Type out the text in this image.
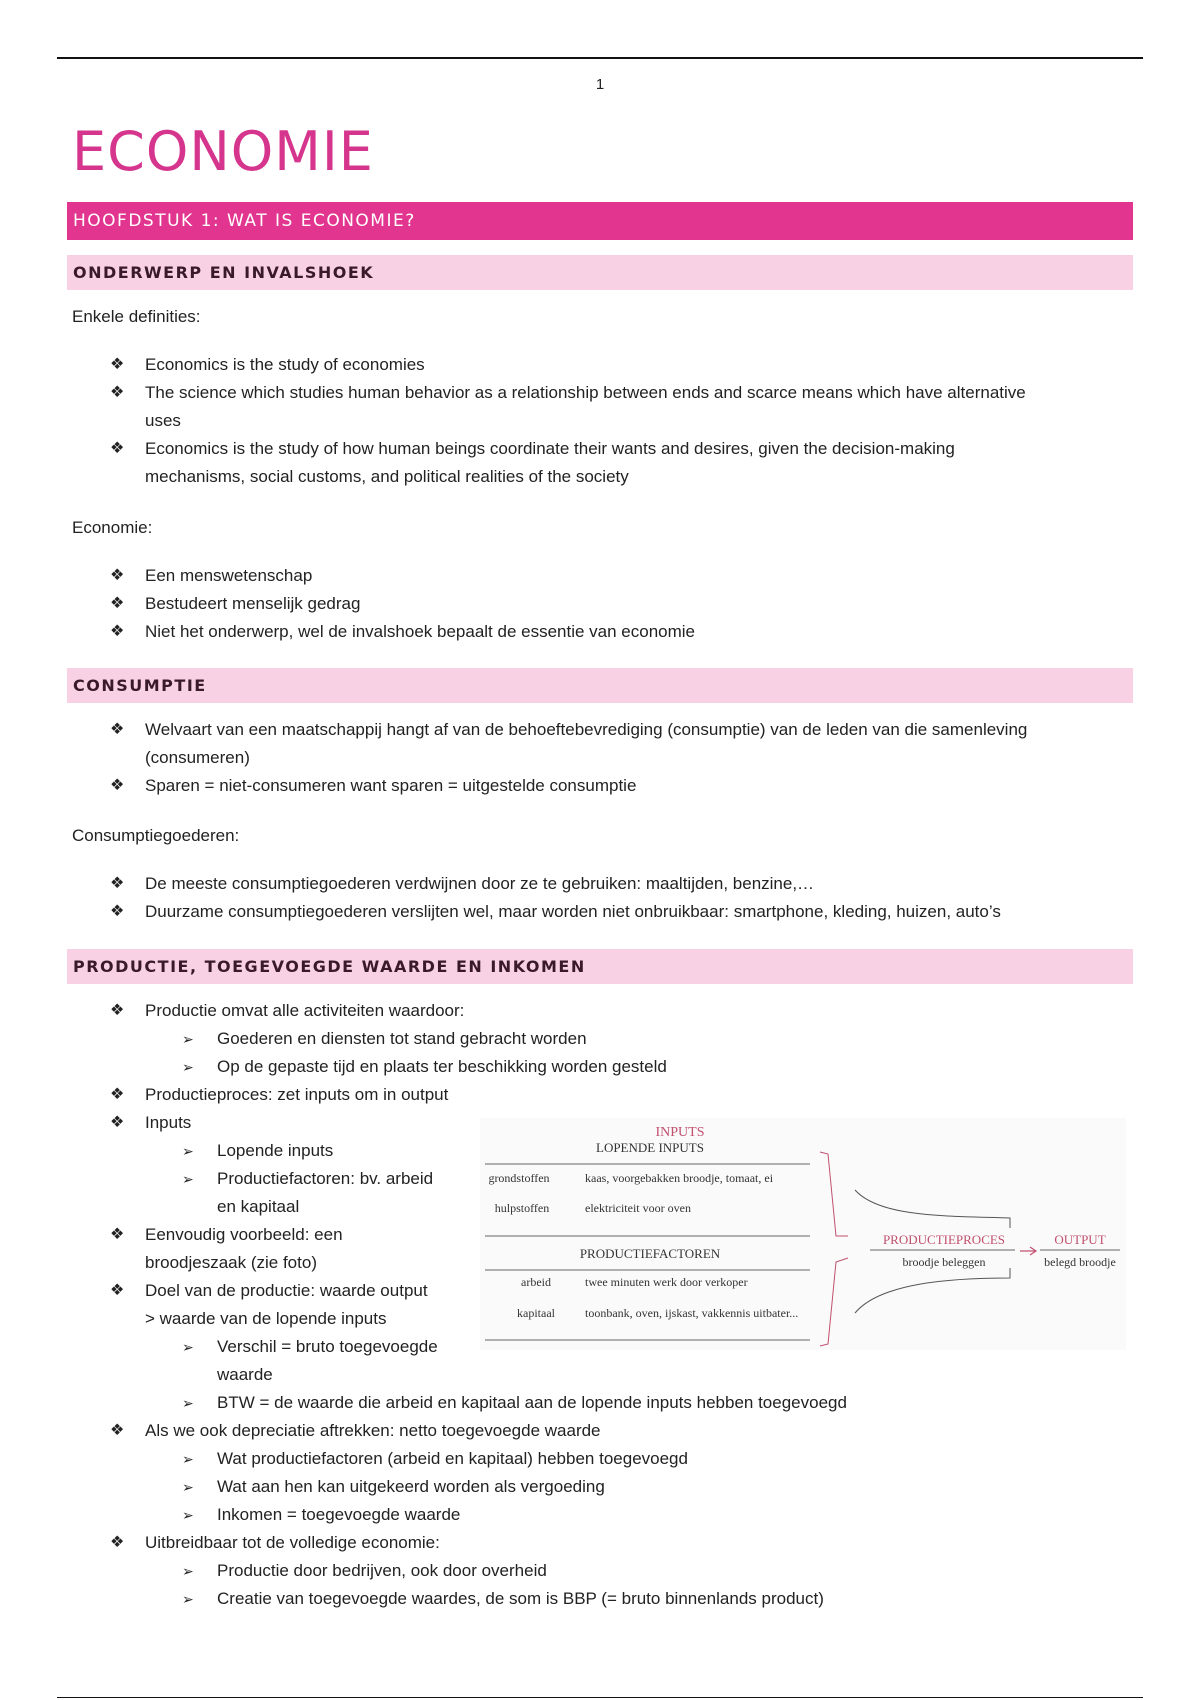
1
ECONOMIE
HOOFDSTUK 1: WAT IS ECONOMIE?
ONDERWERP EN INVALSHOEK
Enkele definities:
❖ Economics is the study of economies
❖ The science which studies human behavior as a relationship between ends and scarce means which have alternative
uses
❖ Economics is the study of how human beings coordinate their wants and desires, given the decision-making
mechanisms, social customs, and political realities of the society
Economie:
❖ Een menswetenschap
❖ Bestudeert menselijk gedrag
❖ Niet het onderwerp, wel de invalshoek bepaalt de essentie van economie
CONSUMPTIE
❖ Welvaart van een maatschappij hangt af van de behoeftebevrediging (consumptie) van de leden van die samenleving
(consumeren)
❖ Sparen = niet-consumeren want sparen = uitgestelde consumptie
Consumptiegoederen:
❖ De meeste consumptiegoederen verdwijnen door ze te gebruiken: maaltijden, benzine,…
❖ Duurzame consumptiegoederen verslijten wel, maar worden niet onbruikbaar: smartphone, kleding, huizen, auto’s
PRODUCTIE, TOEGEVOEGDE WAARDE EN INKOMEN
❖ Productie omvat alle activiteiten waardoor:
➢ Goederen en diensten tot stand gebracht worden
➢ Op de gepaste tijd en plaats ter beschikking worden gesteld
❖ Productieproces: zet inputs om in output
❖ Inputs
➢ Lopende inputs
➢ Productiefactoren: bv. arbeid
en kapitaal
❖ Eenvoudig voorbeeld: een
broodjeszaak (zie foto)
❖ Doel van de productie: waarde output
> waarde van de lopende inputs
➢ Verschil = bruto toegevoegde
waarde
➢ BTW = de waarde die arbeid en kapitaal aan de lopende inputs hebben toegevoegd
❖ Als we ook depreciatie aftrekken: netto toegevoegde waarde
➢ Wat productiefactoren (arbeid en kapitaal) hebben toegevoegd
➢ Wat aan hen kan uitgekeerd worden als vergoeding
➢ Inkomen = toegevoegde waarde
❖ Uitbreidbaar tot de volledige economie:
➢ Productie door bedrijven, ook door overheid
➢ Creatie van toegevoegde waardes, de som is BBP (= bruto binnenlands product)
INPUTS
LOPENDE INPUTS
grondstoffen	kaas, voorgebakken broodje, tomaat, ei
hulpstoffen	elektriciteit voor oven
PRODUCTIEFACTOREN
arbeid	twee minuten werk door verkoper
kapitaal	toonbank, oven, ijskast, vakkennis uitbater...
PRODUCTIEPROCES
broodje beleggen
OUTPUT
belegd broodje
